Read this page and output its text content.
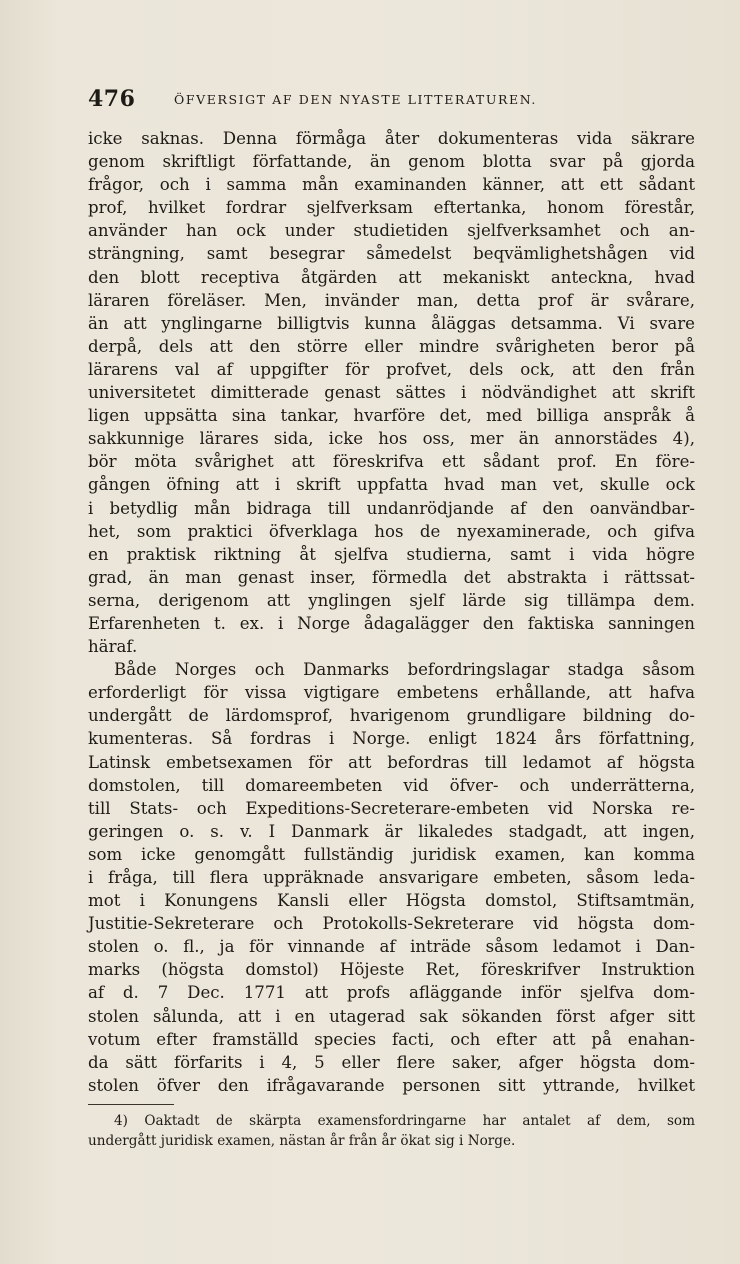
476	ÖFVERSIGT AF DEN NYASTE LITTERATUREN.
icke saknas. Denna förmåga åter dokumenteras vida säkrare
genom skriftligt författande, än genom blotta svar på gjorda
frågor, och i samma mån examinanden känner, att ett sådant
prof, hvilket fordrar sjelfverksam eftertanka, honom förestår,
använder han ock under studietiden sjelfverksamhet och an-
strängning, samt besegrar såmedelst beqvämlighetshågen vid
den blott receptiva åtgärden att mekaniskt anteckna, hvad
läraren föreläser. Men, invänder man, detta prof är svårare,
än att ynglingarne billigtvis kunna åläggas detsamma. Vi svare
derpå, dels att den större eller mindre svårigheten beror på
lärarens val af uppgifter för profvet, dels ock, att den från
universitetet dimitterade genast sättes i nödvändighet att skrift
ligen uppsätta sina tankar, hvarföre det, med billiga anspråk å
sakkunnige lärares sida, icke hos oss, mer än annorstädes 4),
bör möta svårighet att föreskrifva ett sådant prof. En före-
gången öfning att i skrift uppfatta hvad man vet, skulle ock
i betydlig mån bidraga till undanrödjande af den oanvändbar-
het, som praktici öfverklaga hos de nyexaminerade, och gifva
en praktisk riktning åt sjelfva studierna, samt i vida högre
grad, än man genast inser, förmedla det abstrakta i rättssat-
serna, derigenom att ynglingen sjelf lärde sig tillämpa dem.
Erfarenheten t. ex. i Norge ådagalägger den faktiska sanningen
häraf.
Både Norges och Danmarks befordringslagar stadga såsom
erforderligt för vissa vigtigare embetens erhållande, att hafva
undergått de lärdomsprof, hvarigenom grundligare bildning do-
kumenteras. Så fordras i Norge. enligt 1824 års författning,
Latinsk embetsexamen för att befordras till ledamot af högsta
domstolen, till domareembeten vid öfver- och underrätterna,
till Stats- och Expeditions-Secreterare-embeten vid Norska re-
geringen o. s. v. I Danmark är likaledes stadgadt, att ingen,
som icke genomgått fullständig juridisk examen, kan komma
i fråga, till flera uppräknade ansvarigare embeten, såsom leda-
mot i Konungens Kansli eller Högsta domstol, Stiftsamtmän,
Justitie-Sekreterare och Protokolls-Sekreterare vid högsta dom-
stolen o. fl., ja för vinnande af inträde såsom ledamot i Dan-
marks (högsta domstol) Höjeste Ret, föreskrifver Instruktion
af d. 7 Dec. 1771 att profs afläggande inför sjelfva dom-
stolen sålunda, att i en utagerad sak sökanden först afger sitt
votum efter framställd species facti, och efter att på enahan-
da sätt förfarits i 4, 5 eller flere saker, afger högsta dom-
stolen öfver den ifrågavarande personen sitt yttrande, hvilket
4) Oaktadt de skärpta examensfordringarne har antalet af dem, som
undergått juridisk examen, nästan år från år ökat sig i Norge.
